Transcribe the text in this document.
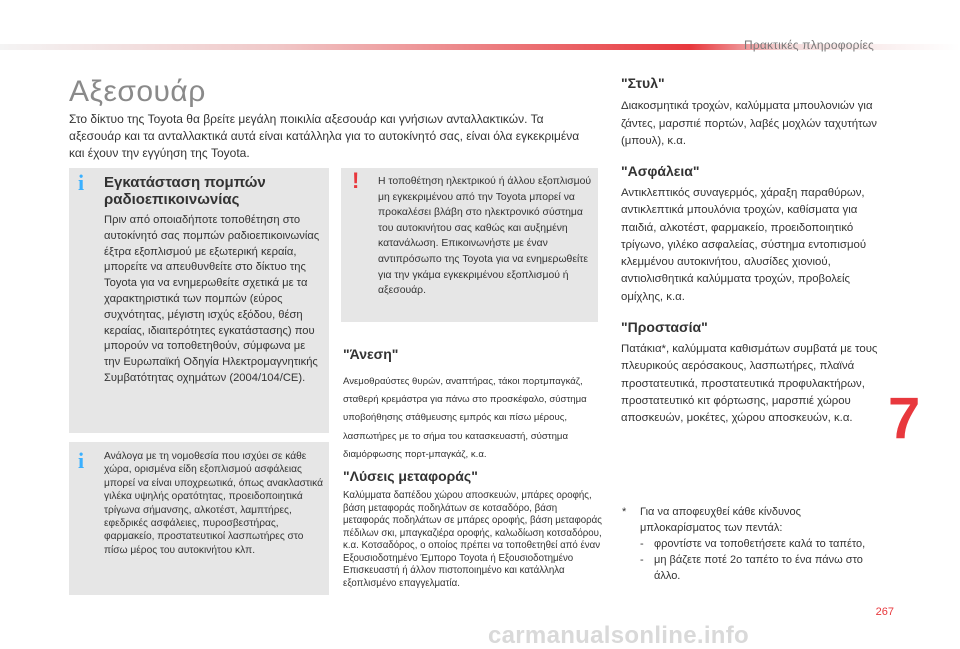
Πρακτικές πληροφορίες
Αξεσουάρ

Στο δίκτυο της Toyota θα βρείτε μεγάλη ποικιλία αξεσουάρ και γνήσιων ανταλλακτικών. Τα αξεσουάρ και τα ανταλλακτικά αυτά είναι κατάλληλα για το αυτοκίνητό σας, είναι όλα εγκεκριμένα και έχουν την εγγύηση της Toyota.

i Εγκατάσταση πομπών ραδιοεπικοινωνίας

Πριν από οποιαδήποτε τοποθέτηση στο αυτοκίνητό σας πομπών ραδιοεπικοινωνίας έξτρα εξοπλισμού με εξωτερική κεραία, μπορείτε να απευθυνθείτε στο δίκτυο της Toyota για να ενημερωθείτε σχετικά με τα χαρακτηριστικά των πομπών (εύρος συχνότητας, μέγιστη ισχύς εξόδου, θέση κεραίας, ιδιαιτερότητες εγκατάστασης) που μπορούν να τοποθετηθούν, σύμφωνα με την Ευρωπαϊκή Οδηγία Ηλεκτρομαγνητικής Συμβατότητας οχημάτων (2004/104/CE).

! Η τοποθέτηση ηλεκτρικού ή άλλου εξοπλισμού μη εγκεκριμένου από την Toyota μπορεί να προκαλέσει βλάβη στο ηλεκτρονικό σύστημα του αυτοκινήτου σας καθώς και αυξημένη κατανάλωση. Επικοινωνήστε με έναν αντιπρόσωπο της Toyota για να ενημερωθείτε για την γκάμα εγκεκριμένου εξοπλισμού ή αξεσουάρ.

i Ανάλογα με τη νομοθεσία που ισχύει σε κάθε χώρα, ορισμένα είδη εξοπλισμού ασφάλειας μπορεί να είναι υποχρεωτικά, όπως ανακλαστικά γιλέκα υψηλής ορατότητας, προειδοποιητικά τρίγωνα σήμανσης, αλκοτέστ, λαμπτήρες, εφεδρικές ασφάλειες, πυροσβεστήρας, φαρμακείο, προστατευτικοί λασπωτήρες στο πίσω μέρος του αυτοκινήτου κλπ.

"Άνεση"

Ανεμοθραύστες θυρών, αναπτήρας, τάκοι πορτμπαγκάζ, σταθερή κρεμάστρα για πάνω στο προσκέφαλο, σύστημα υποβοήθησης στάθμευσης εμπρός και πίσω μέρους, λασπωτήρες με το σήμα του κατασκευαστή, σύστημα διαμόρφωσης πορτ-μπαγκάζ, κ.α.

"Λύσεις μεταφοράς"

Καλύμματα δαπέδου χώρου αποσκευών, μπάρες οροφής, βάση μεταφοράς ποδηλάτων σε κοτσαδόρο, βάση μεταφοράς ποδηλάτων σε μπάρες οροφής, βάση μεταφοράς πέδιλων σκι, μπαγκαζιέρα οροφής, καλωδίωση κοτσαδόρου, κ.α. Κοτσαδόρος, ο οποίος πρέπει να τοποθετηθεί από έναν Εξουσιοδοτημένο Έμπορο Toyota ή Εξουσιοδοτημένο Επισκευαστή ή άλλον πιστοποιημένο και κατάλληλα εξοπλισμένο επαγγελματία.

"Στυλ"

Διακοσμητικά τροχών, καλύμματα μπουλονιών για ζάντες, μαρσπιέ πορτών, λαβές μοχλών ταχυτήτων (μπουλ), κ.α.

"Ασφάλεια"

Αντικλεπτικός συναγερμός, χάραξη παραθύρων, αντικλεπτικά μπουλόνια τροχών, καθίσματα για παιδιά, αλκοτέστ, φαρμακείο, προειδοποιητικό τρίγωνο, γιλέκο ασφαλείας, σύστημα εντοπισμού κλεμμένου αυτοκινήτου, αλυσίδες χιονιού, αντιολισθητικά καλύμματα τροχών, προβολείς ομίχλης, κ.α.

"Προστασία"

Πατάκια*, καλύμματα καθισμάτων συμβατά με τους πλευρικούς αερόσακους, λασπωτήρες, πλαϊνά προστατευτικά, προστατευτικά προφυλακτήρων, προστατευτικό κιτ φόρτωσης, μαρσπιέ χώρου αποσκευών, μοκέτες, χώρου αποσκευών, κ.α.

*	Για να αποφευχθεί κάθε κίνδυνος μπλοκαρίσματος των πεντάλ:
- φροντίστε να τοποθετήσετε καλά το ταπέτο,
- μη βάζετε ποτέ 2ο ταπέτο το ένα πάνω στο άλλο.
7
267
carmanualsonline.info
